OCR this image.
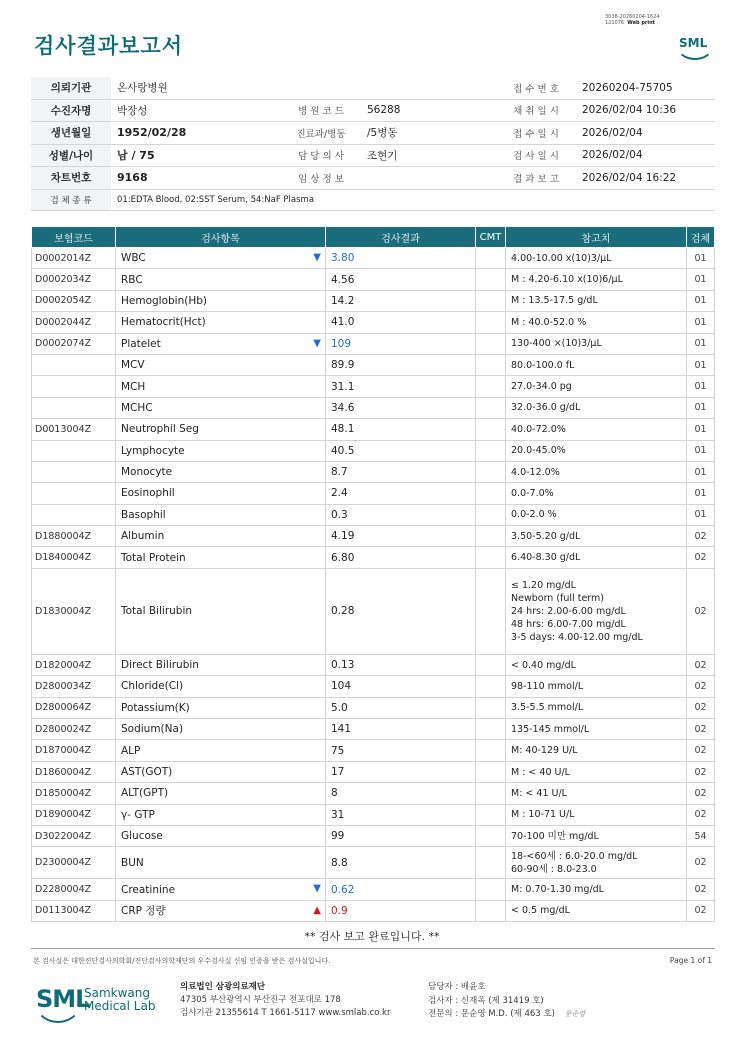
검사결과보고서
3038-20260204-1624
121076 Web print
SML
의뢰기관	온사랑병원			접 수 번 호	20260204-75705
수진자명	박장성	병 원 코 드	56288	채 취 일 시	2026/02/04 10:36
생년월일	1952/02/28	진료과/병동	/5병동	접 수 일 시	2026/02/04
성별/나이	남 / 75	담 당 의 사	조현기	검 사 일 시	2026/02/04
차트번호	9168	임 상 정 보		결 과 보 고	2026/02/04 16:22
검 체 종 류	01:EDTA Blood, 02:SST Serum, 54:NaF Plasma				
보험코드	검사항목	검사결과	CMT	참고치	검체
D0002014Z	WBC ▼	3.80		4.00-10.00 x(10)3/µL	01
D0002034Z	RBC	4.56		M : 4.20-6.10 x(10)6/µL	01
D0002054Z	Hemoglobin(Hb)	14.2		M : 13.5-17.5 g/dL	01
D0002044Z	Hematocrit(Hct)	41.0		M : 40.0-52.0 %	01
D0002074Z	Platelet ▼	109		130-400 ×(10)3/µL	01
	MCV	89.9		80.0-100.0 fL	01
	MCH	31.1		27.0-34.0 pg	01
	MCHC	34.6		32.0-36.0 g/dL	01
D0013004Z	Neutrophil Seg	48.1		40.0-72.0%	01
	Lymphocyte	40.5		20.0-45.0%	01
	Monocyte	8.7		4.0-12.0%	01
	Eosinophil	2.4		0.0-7.0%	01
	Basophil	0.3		0.0-2.0 %	01
D1880004Z	Albumin	4.19		3.50-5.20 g/dL	02
D1840004Z	Total Protein	6.80		6.40-8.30 g/dL	02
D1830004Z	Total Bilirubin	0.28		≤ 1.20 mg/dL
Newborn (full term)
24 hrs: 2.00-6.00 mg/dL
48 hrs: 6.00-7.00 mg/dL
3-5 days: 4.00-12.00 mg/dL	02
D1820004Z	Direct Bilirubin	0.13		< 0.40 mg/dL	02
D2800034Z	Chloride(Cl)	104		98-110 mmol/L	02
D2800064Z	Potassium(K)	5.0		3.5-5.5 mmol/L	02
D2800024Z	Sodium(Na)	141		135-145 mmol/L	02
D1870004Z	ALP	75		M: 40-129 U/L	02
D1860004Z	AST(GOT)	17		M : < 40 U/L	02
D1850004Z	ALT(GPT)	8		M: < 41 U/L	02
D1890004Z	γ- GTP	31		M : 10-71 U/L	02
D3022004Z	Glucose	99		70-100 미만 mg/dL	54
D2300004Z	BUN	8.8		18-<60세 : 6.0-20.0 mg/dL
60-90세 : 8.0-23.0	02
D2280004Z	Creatinine ▼	0.62		M: 0.70-1.30 mg/dL	02
D0113004Z	CRP 정량 ▲	0.9		< 0.5 mg/dL	02
** 검사 보고 완료입니다. **
본 검사실은 대한진단검사의학회/진단검사의학재단의 우수검사실 신임 인증을 받은 검사실입니다.	Page 1 of 1
SML
Samkwang
Medical Lab
의료법인 삼광의료재단
47305 부산광역시 부산진구 전포대로 178
검사기관 21355614 T 1661-5117 www.smlab.co.kr
담당자 : 배윤호
검사자 : 신재옥 (제 31419 호)
전문의 : 문순영 M.D. (제 463 호) 문순영
